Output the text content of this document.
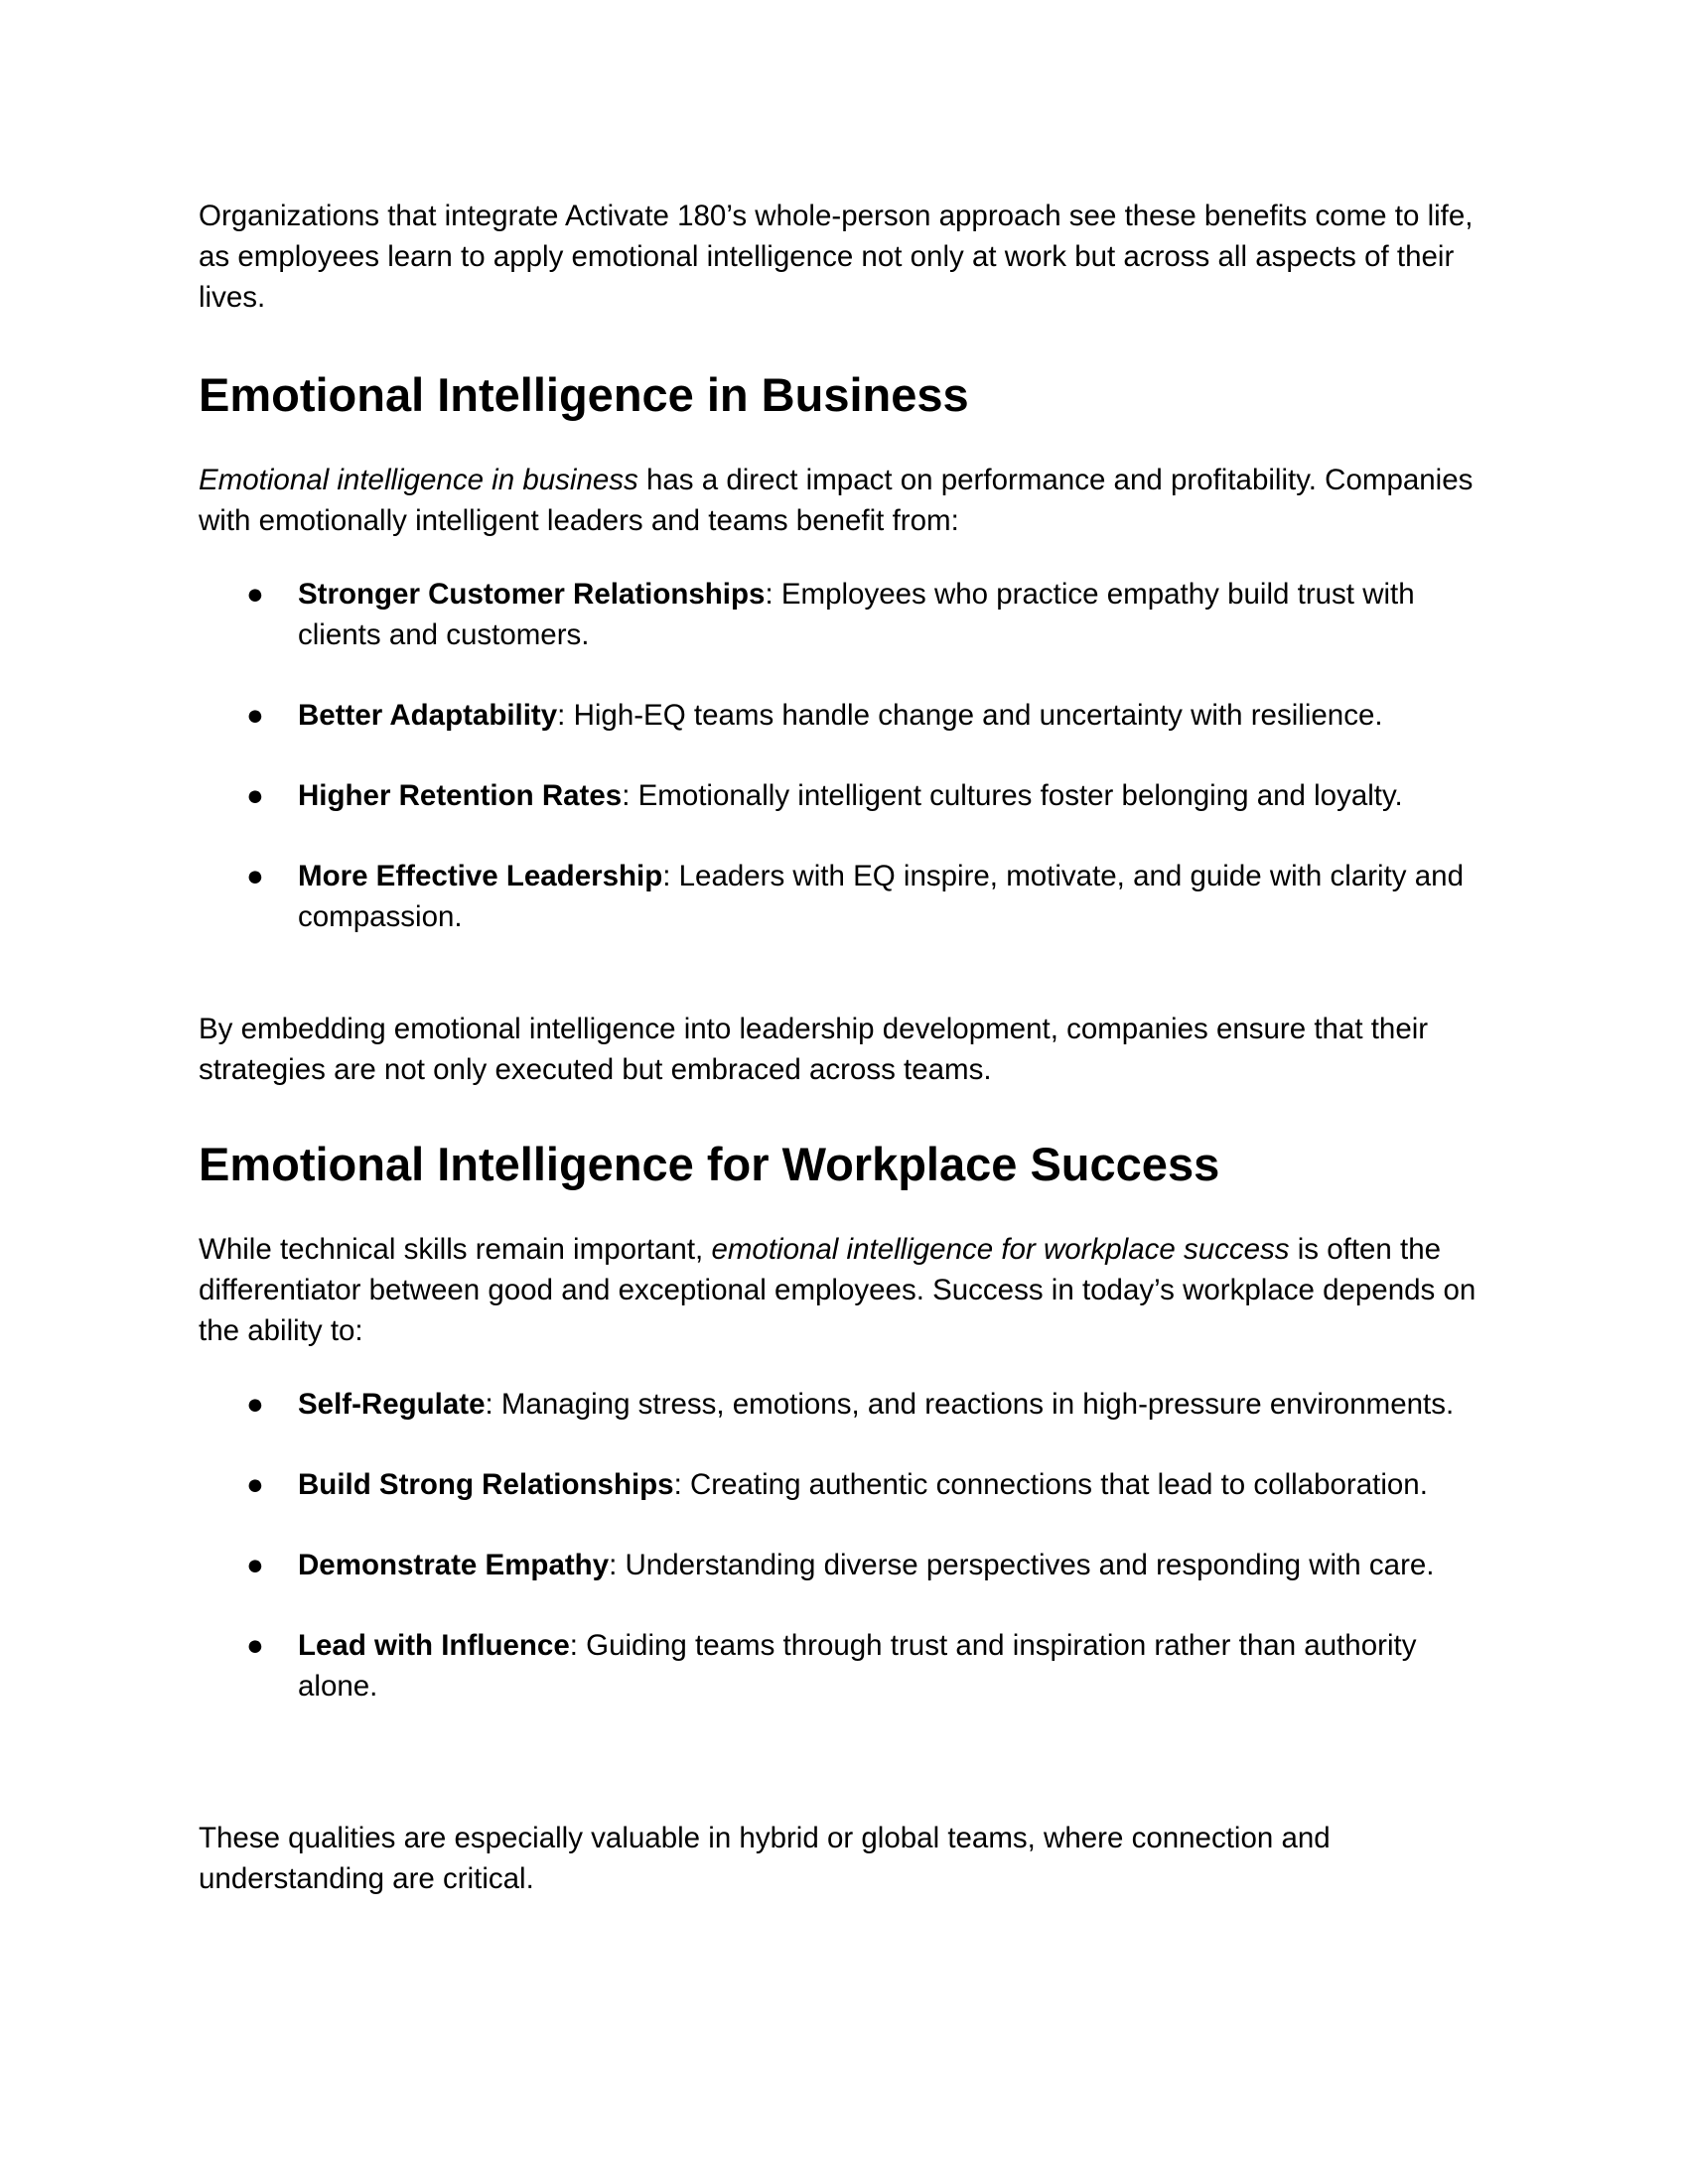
Organizations that integrate Activate 180’s whole-person approach see these benefits come to life, as employees learn to apply emotional intelligence not only at work but across all aspects of their lives.

Emotional Intelligence in Business

Emotional intelligence in business has a direct impact on performance and profitability. Companies with emotionally intelligent leaders and teams benefit from:

● Stronger Customer Relationships: Employees who practice empathy build trust with clients and customers.
● Better Adaptability: High-EQ teams handle change and uncertainty with resilience.
● Higher Retention Rates: Emotionally intelligent cultures foster belonging and loyalty.
● More Effective Leadership: Leaders with EQ inspire, motivate, and guide with clarity and compassion.

By embedding emotional intelligence into leadership development, companies ensure that their strategies are not only executed but embraced across teams.

Emotional Intelligence for Workplace Success

While technical skills remain important, emotional intelligence for workplace success is often the differentiator between good and exceptional employees. Success in today’s workplace depends on the ability to:

● Self-Regulate: Managing stress, emotions, and reactions in high-pressure environments.
● Build Strong Relationships: Creating authentic connections that lead to collaboration.
● Demonstrate Empathy: Understanding diverse perspectives and responding with care.
● Lead with Influence: Guiding teams through trust and inspiration rather than authority alone.

These qualities are especially valuable in hybrid or global teams, where connection and understanding are critical.
